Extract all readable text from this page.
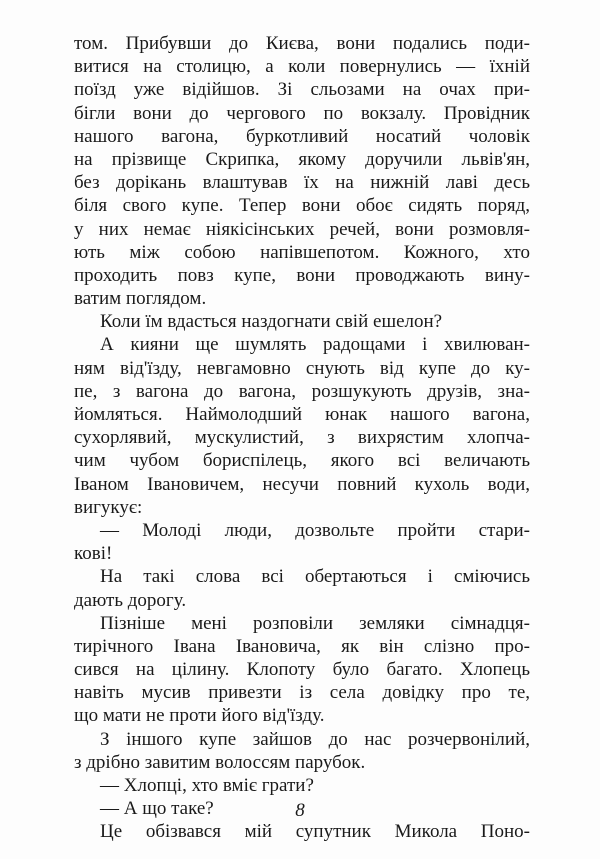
том. Прибувши до Києва, вони подались поди-
витися на столицю, а коли повернулись — їхній
поїзд уже відійшов. Зі сльозами на очах при-
бігли вони до чергового по вокзалу. Провідник
нашого вагона, буркотливий носатий чоловік
на прізвище Скрипка, якому доручили львів'ян,
без дорікань влаштував їх на нижній лаві десь
біля свого купе. Тепер вони обоє сидять поряд,
у них немає ніякісінських речей, вони розмовля-
ють між собою напівшепотом. Кожного, хто
проходить повз купе, вони проводжають вину-
ватим поглядом.
Коли їм вдасться наздогнати свій ешелон?
А кияни ще шумлять радощами і хвилюван-
ням від'їзду, невгамовно снують від купе до ку-
пе, з вагона до вагона, розшукують друзів, зна-
йомляться. Наймолодший юнак нашого вагона,
сухорлявий, мускулистий, з вихрястим хлопча-
чим чубом бориспілець, якого всі величають
Іваном Івановичем, несучи повний кухоль води,
вигукує:
— Молоді люди, дозвольте пройти стари-
кові!
На такі слова всі обертаються і сміючись
дають дорогу.
Пізніше мені розповіли земляки сімнадця-
тирічного Івана Івановича, як він слізно про-
сився на цілину. Клопоту було багато. Хлопець
навіть мусив привезти із села довідку про те,
що мати не проти його від'їзду.
З іншого купе зайшов до нас розчервонілий,
з дрібно завитим волоссям парубок.
— Хлопці, хто вміє грати?
— А що таке?
Це обізвався мій супутник Микола Поно-
8
